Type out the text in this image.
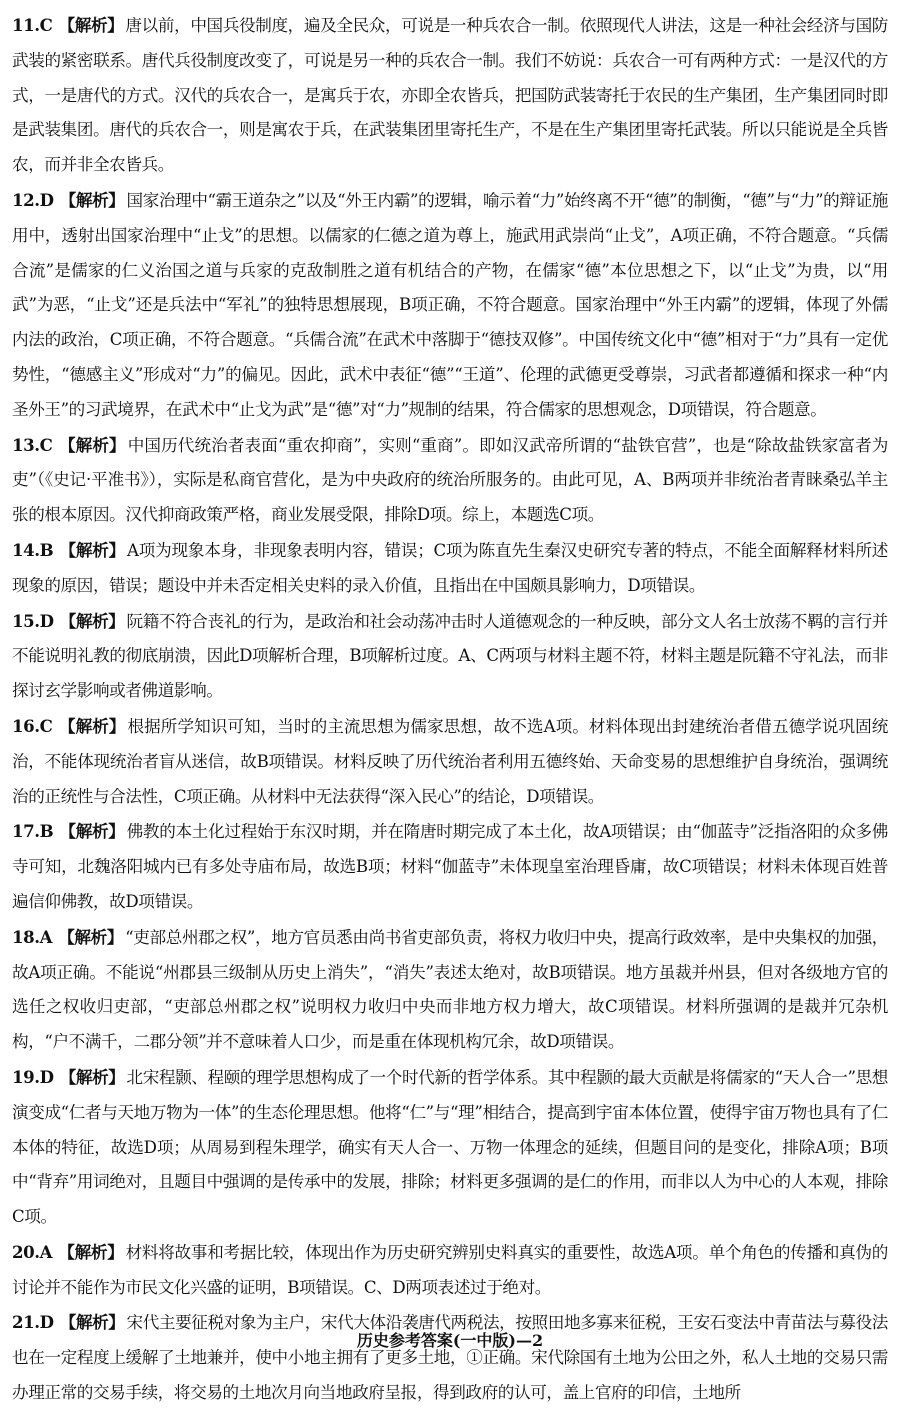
11.C 【解析】 唐以前，中国兵役制度，遍及全民众，可说是一种兵农合一制。依照现代人讲法，这是一种社会经济与国防武装的紧密联系。唐代兵役制度改变了，可说是另一种的兵农合一制。我们不妨说：兵农合一可有两种方式：一是汉代的方式，一是唐代的方式。汉代的兵农合一，是寓兵于农，亦即全农皆兵，把国防武装寄托于农民的生产集团，生产集团同时即是武装集团。唐代的兵农合一，则是寓农于兵，在武装集团里寄托生产，不是在生产集团里寄托武装。所以只能说是全兵皆农，而并非全农皆兵。

12.D 【解析】 国家治理中“霸王道杂之”以及“外王内霸”的逻辑，喻示着“力”始终离不开“德”的制衡，“德”与“力”的辩证施用中，透射出国家治理中“止戈”的思想。以儒家的仁德之道为尊上，施武用武崇尚“止戈”，A项正确，不符合题意。“兵儒合流”是儒家的仁义治国之道与兵家的克敌制胜之道有机结合的产物，在儒家“德”本位思想之下，以“止戈”为贵，以“用武”为恶，“止戈”还是兵法中“军礼”的独特思想展现，B项正确，不符合题意。国家治理中“外王内霸”的逻辑，体现了外儒内法的政治，C项正确，不符合题意。“兵儒合流”在武术中落脚于“德技双修”。中国传统文化中“德”相对于“力”具有一定优势性，“德感主义”形成对“力”的偏见。因此，武术中表征“德”“王道”、伦理的武德更受尊崇，习武者都遵循和探求一种“内圣外王”的习武境界，在武术中“止戈为武”是“德”对“力”规制的结果，符合儒家的思想观念，D项错误，符合题意。

13.C 【解析】 中国历代统治者表面“重农抑商”，实则“重商”。即如汉武帝所谓的“盐铁官营”，也是“除故盐铁家富者为吏”（《史记·平准书》），实际是私商官营化，是为中央政府的统治所服务的。由此可见，A、B两项并非统治者青睐桑弘羊主张的根本原因。汉代抑商政策严格，商业发展受限，排除D项。综上，本题选C项。

14.B 【解析】 A项为现象本身，非现象表明内容，错误；C项为陈直先生秦汉史研究专著的特点，不能全面解释材料所述现象的原因，错误；题设中并未否定相关史料的录入价值，且指出在中国颇具影响力，D项错误。

15.D 【解析】 阮籍不符合丧礼的行为，是政治和社会动荡冲击时人道德观念的一种反映，部分文人名士放荡不羁的言行并不能说明礼教的彻底崩溃，因此D项解析合理，B项解析过度。A、C两项与材料主题不符，材料主题是阮籍不守礼法，而非探讨玄学影响或者佛道影响。

16.C 【解析】 根据所学知识可知，当时的主流思想为儒家思想，故不选A项。材料体现出封建统治者借五德学说巩固统治，不能体现统治者盲从迷信，故B项错误。材料反映了历代统治者利用五德终始、天命变易的思想维护自身统治，强调统治的正统性与合法性，C项正确。从材料中无法获得“深入民心”的结论，D项错误。

17.B 【解析】 佛教的本土化过程始于东汉时期，并在隋唐时期完成了本土化，故A项错误；由“伽蓝寺”泛指洛阳的众多佛寺可知，北魏洛阳城内已有多处寺庙布局，故选B项；材料“伽蓝寺”未体现皇室治理昏庸，故C项错误；材料未体现百姓普遍信仰佛教，故D项错误。

18.A 【解析】 “吏部总州郡之权”，地方官员悉由尚书省吏部负责，将权力收归中央，提高行政效率，是中央集权的加强，故A项正确。不能说“州郡县三级制从历史上消失”，“消失”表述太绝对，故B项错误。地方虽裁并州县，但对各级地方官的选任之权收归吏部，“吏部总州郡之权”说明权力收归中央而非地方权力增大，故C项错误。材料所强调的是裁并冗杂机构，“户不满千，二郡分领”并不意味着人口少，而是重在体现机构冗余，故D项错误。

19.D 【解析】 北宋程颢、程颐的理学思想构成了一个时代新的哲学体系。其中程颢的最大贡献是将儒家的“天人合一”思想演变成“仁者与天地万物为一体”的生态伦理思想。他将“仁”与“理”相结合，提高到宇宙本体位置，使得宇宙万物也具有了仁本体的特征，故选D项；从周易到程朱理学，确实有天人合一、万物一体理念的延续，但题目问的是变化，排除A项；B项中“背弃”用词绝对，且题目中强调的是传承中的发展，排除；材料更多强调的是仁的作用，而非以人为中心的人本观，排除C项。

20.A 【解析】 材料将故事和考据比较，体现出作为历史研究辨别史料真实的重要性，故选A项。单个角色的传播和真伪的讨论并不能作为市民文化兴盛的证明，B项错误。C、D两项表述过于绝对。

21.D 【解析】 宋代主要征税对象为主户，宋代大体沿袭唐代两税法，按照田地多寡来征税，王安石变法中青苗法与募役法也在一定程度上缓解了土地兼并，使中小地主拥有了更多土地，①正确。宋代除国有土地为公田之外，私人土地的交易只需办理正常的交易手续，将交易的土地次月向当地政府呈报，得到政府的认可，盖上官府的印信，土地所

历史参考答案(一中版)—2
